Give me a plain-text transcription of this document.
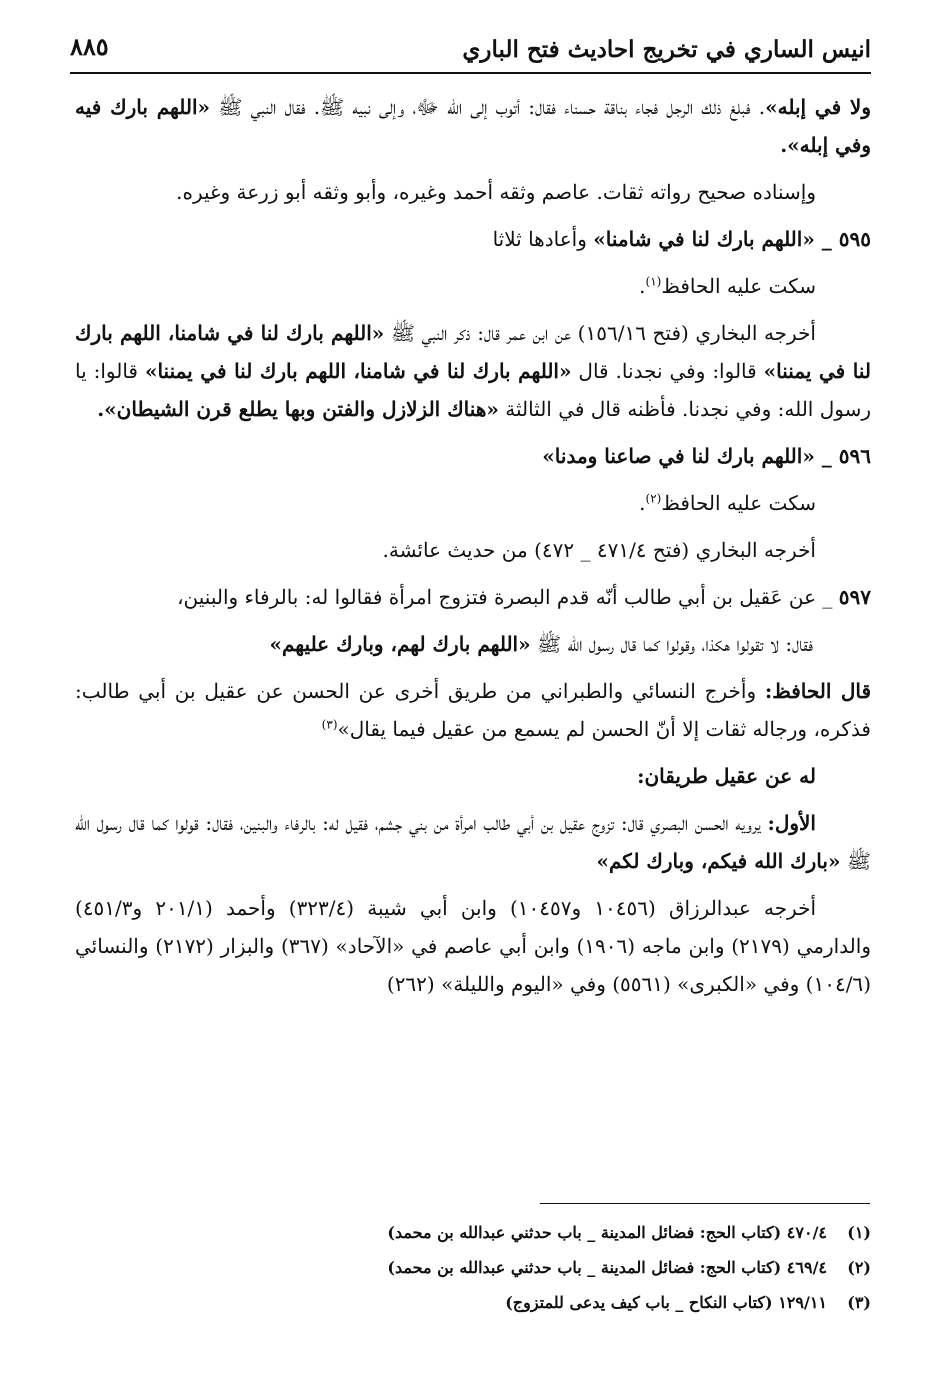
انيس الساري في تخريج احاديث فتح الباري
٨٨٥

ولا في إبله». فبلغ ذلك الرجل فجاء بناقة حسناء فقال: أتوب إلى الله ﷻ، وإلى نبيه ﷺ. فقال النبي ﷺ «اللهم بارك فيه وفي إبله».

وإسناده صحيح رواته ثقات. عاصم وثقه أحمد وغيره، وأبو وثقه أبو زرعة وغيره.

٥٩٥ _ «اللهم بارك لنا في شامنا» وأعادها ثلاثا

سكت عليه الحافظ$^{(١)}$.

أخرجه البخاري (فتح ١٥٦/١٦) عن ابن عمر قال: ذكر النبي ﷺ «اللهم بارك لنا في شامنا، اللهم بارك لنا في يمننا» قالوا: وفي نجدنا. قال «اللهم بارك لنا في شامنا، اللهم بارك لنا في يمننا» قالوا: يا رسول الله: وفي نجدنا. فأظنه قال في الثالثة «هناك الزلازل والفتن وبها يطلع قرن الشيطان».

٥٩٦ _ «اللهم بارك لنا في صاعنا ومدنا»

سكت عليه الحافظ$^{(٢)}$.

أخرجه البخاري (فتح ٤٧١/٤ _ ٤٧٢) من حديث عائشة.

٥٩٧ _ عن عَقيل بن أبي طالب أنّه قدم البصرة فتزوج امرأة فقالوا له: بالرفاء والبنين،

فقال: لا تقولوا هكذا، وقولوا كما قال رسول الله ﷺ «اللهم بارك لهم، وبارك عليهم»

قال الحافظ: وأخرج النسائي والطبراني من طريق أخرى عن الحسن عن عقيل بن أبي طالب: فذكره، ورجاله ثقات إلا أنّ الحسن لم يسمع من عقيل فيما يقال»$^{(٣)}$

له عن عقيل طريقان:

الأول: يرويه الحسن البصري قال: تزوج عقيل بن أبي طالب امرأة من بني جشم، فقيل له: بالرفاء والبنين، فقال: قولوا كما قال رسول الله ﷺ «بارك الله فيكم، وبارك لكم»

أخرجه عبدالرزاق (١٠٤٥٦ و١٠٤٥٧) وابن أبي شيبة (٣٢٣/٤) وأحمد (٢٠١/١ و٤٥١/٣) والدارمي (٢١٧٩) وابن ماجه (١٩٠٦) وابن أبي عاصم في «الآحاد» (٣٦٧) والبزار (٢١٧٢) والنسائي (١٠٤/٦) وفي «الكبرى» (٥٥٦١) وفي «اليوم والليلة» (٢٦٢)

(١)٤٧٠/٤ (كتاب الحج: فضائل المدينة _ باب حدثني عبدالله بن محمد)
(٢)٤٦٩/٤ (كتاب الحج: فضائل المدينة _ باب حدثني عبدالله بن محمد)
(٣)١٢٩/١١ (كتاب النكاح _ باب كيف يدعى للمتزوج)
